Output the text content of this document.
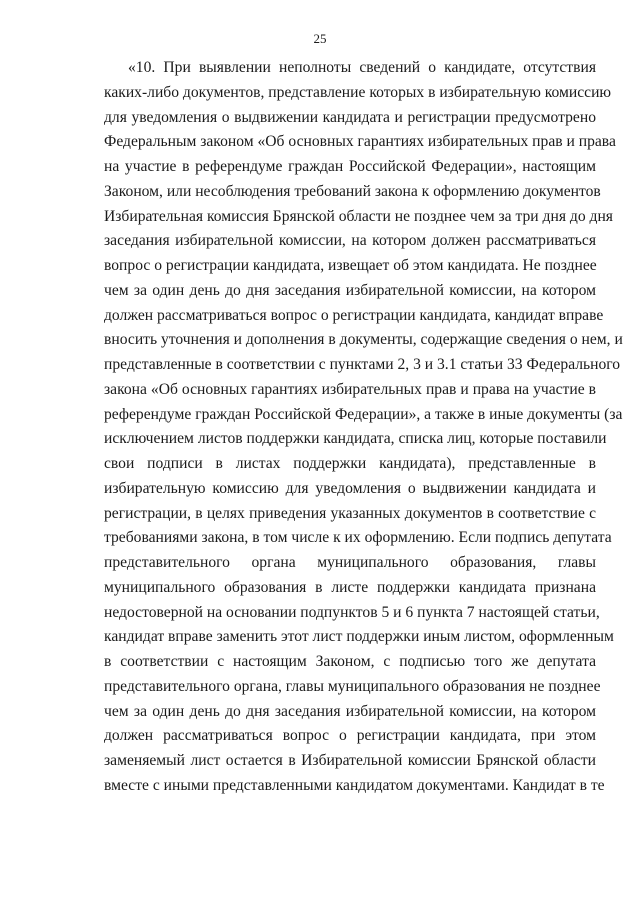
25
«10. При выявлении неполноты сведений о кандидате, отсутствия
каких-либо документов, представление которых в избирательную комиссию
для уведомления о выдвижении кандидата и регистрации предусмотрено
Федеральным законом «Об основных гарантиях избирательных прав и права
на участие в референдуме граждан Российской Федерации», настоящим
Законом, или несоблюдения требований закона к оформлению документов
Избирательная комиссия Брянской области не позднее чем за три дня до дня
заседания избирательной комиссии, на котором должен рассматриваться
вопрос о регистрации кандидата, извещает об этом кандидата. Не позднее
чем за один день до дня заседания избирательной комиссии, на котором
должен рассматриваться вопрос о регистрации кандидата, кандидат вправе
вносить уточнения и дополнения в документы, содержащие сведения о нем, и
представленные в соответствии с пунктами 2, 3 и 3.1 статьи 33 Федерального
закона «Об основных гарантиях избирательных прав и права на участие в
референдуме граждан Российской Федерации», а также в иные документы (за
исключением листов поддержки кандидата, списка лиц, которые поставили
свои подписи в листах поддержки кандидата), представленные в
избирательную комиссию для уведомления о выдвижении кандидата и
регистрации, в целях приведения указанных документов в соответствие с
требованиями закона, в том числе к их оформлению. Если подпись депутата
представительного органа муниципального образования, главы
муниципального образования в листе поддержки кандидата признана
недостоверной на основании подпунктов 5 и 6 пункта 7 настоящей статьи,
кандидат вправе заменить этот лист поддержки иным листом, оформленным
в соответствии с настоящим Законом, с подписью того же депутата
представительного органа, главы муниципального образования не позднее
чем за один день до дня заседания избирательной комиссии, на котором
должен рассматриваться вопрос о регистрации кандидата, при этом
заменяемый лист остается в Избирательной комиссии Брянской области
вместе с иными представленными кандидатом документами. Кандидат в те
